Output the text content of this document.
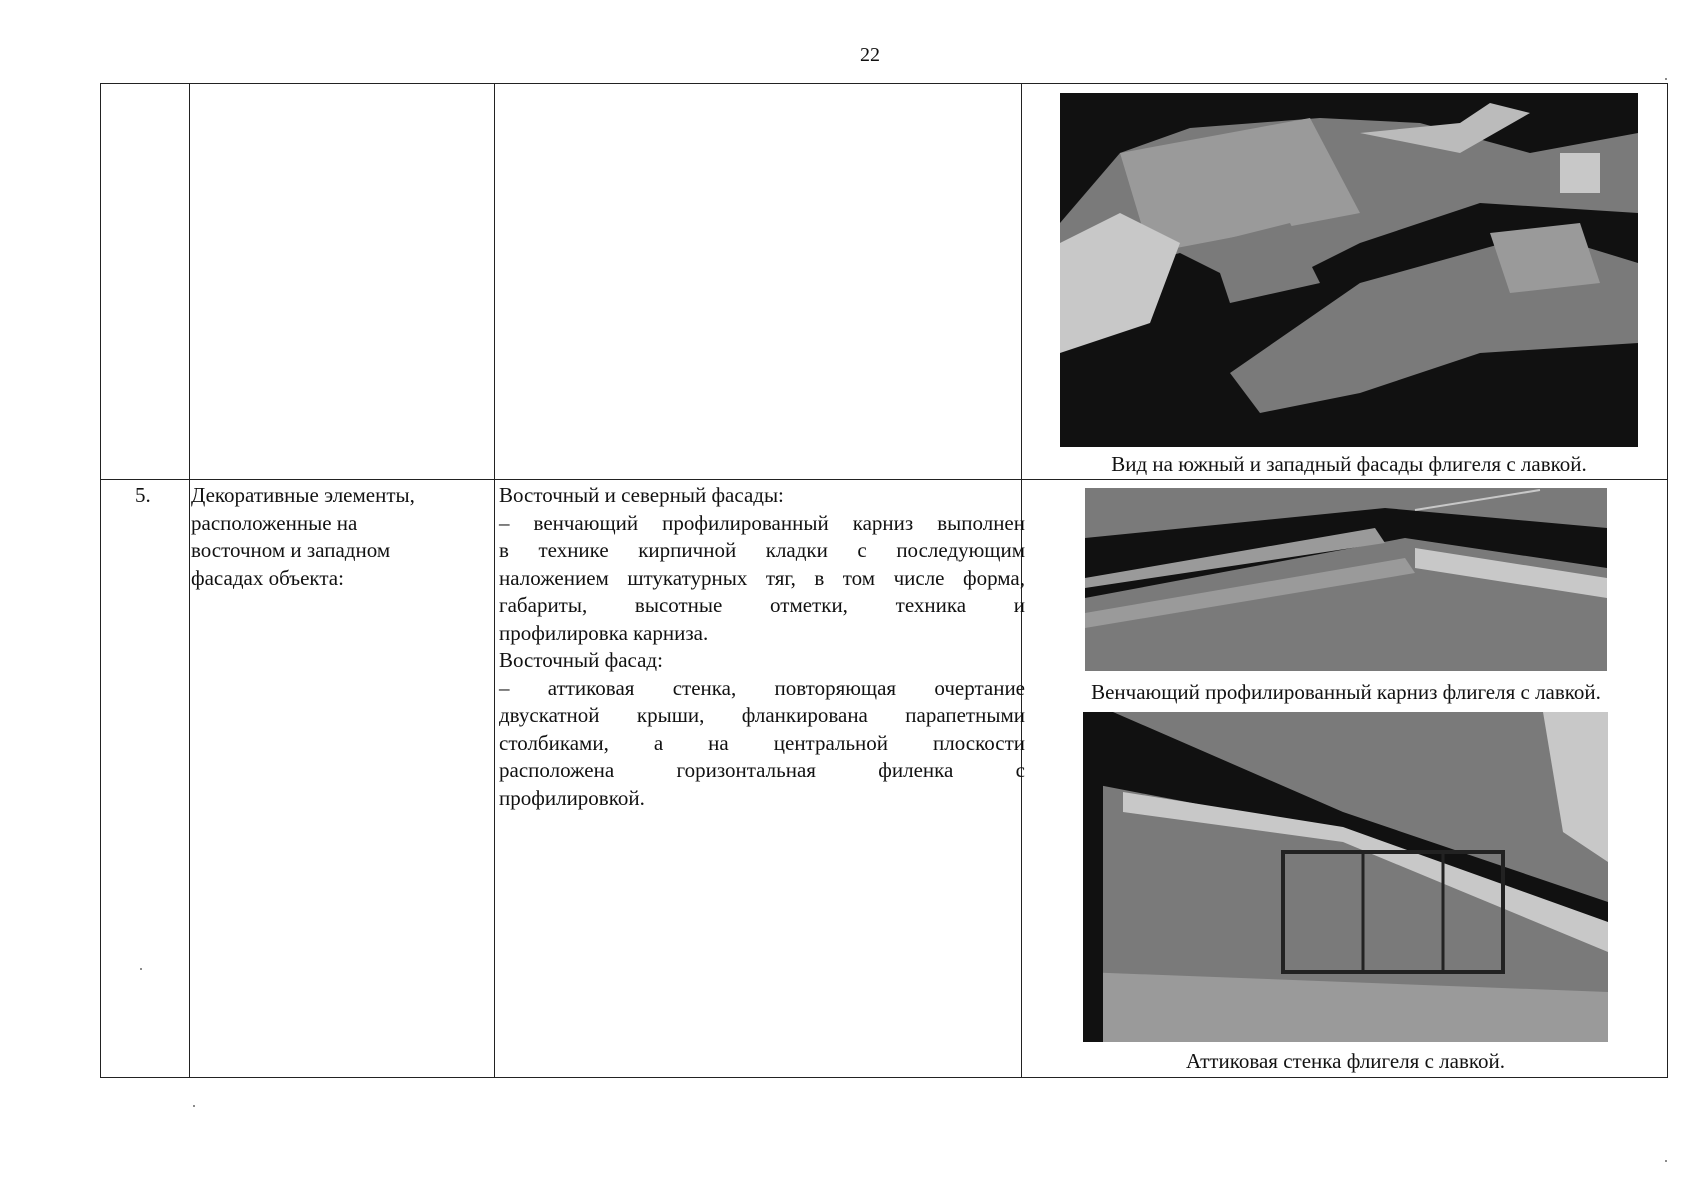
22
5. Декоративные элементы,
расположенные на
восточном и западном
фасадах объекта:

Восточный и северный фасады:

– венчающий профилированный карниз выполнен

в технике кирпичной кладки с последующим

наложением штукатурных тяг, в том числе форма,

габариты, высотные отметки, техника и

профилировка карниза.

Восточный фасад:

– аттиковая стенка, повторяющая очертание

двускатной крыши, фланкирована парапетными

столбиками, а на центральной плоскости

расположена горизонтальная филенка с

профилировкой.

Вид на южный и западный фасады флигеля с лавкой.
Венчающий профилированный карниз флигеля с лавкой.
Аттиковая стенка флигеля с лавкой.
